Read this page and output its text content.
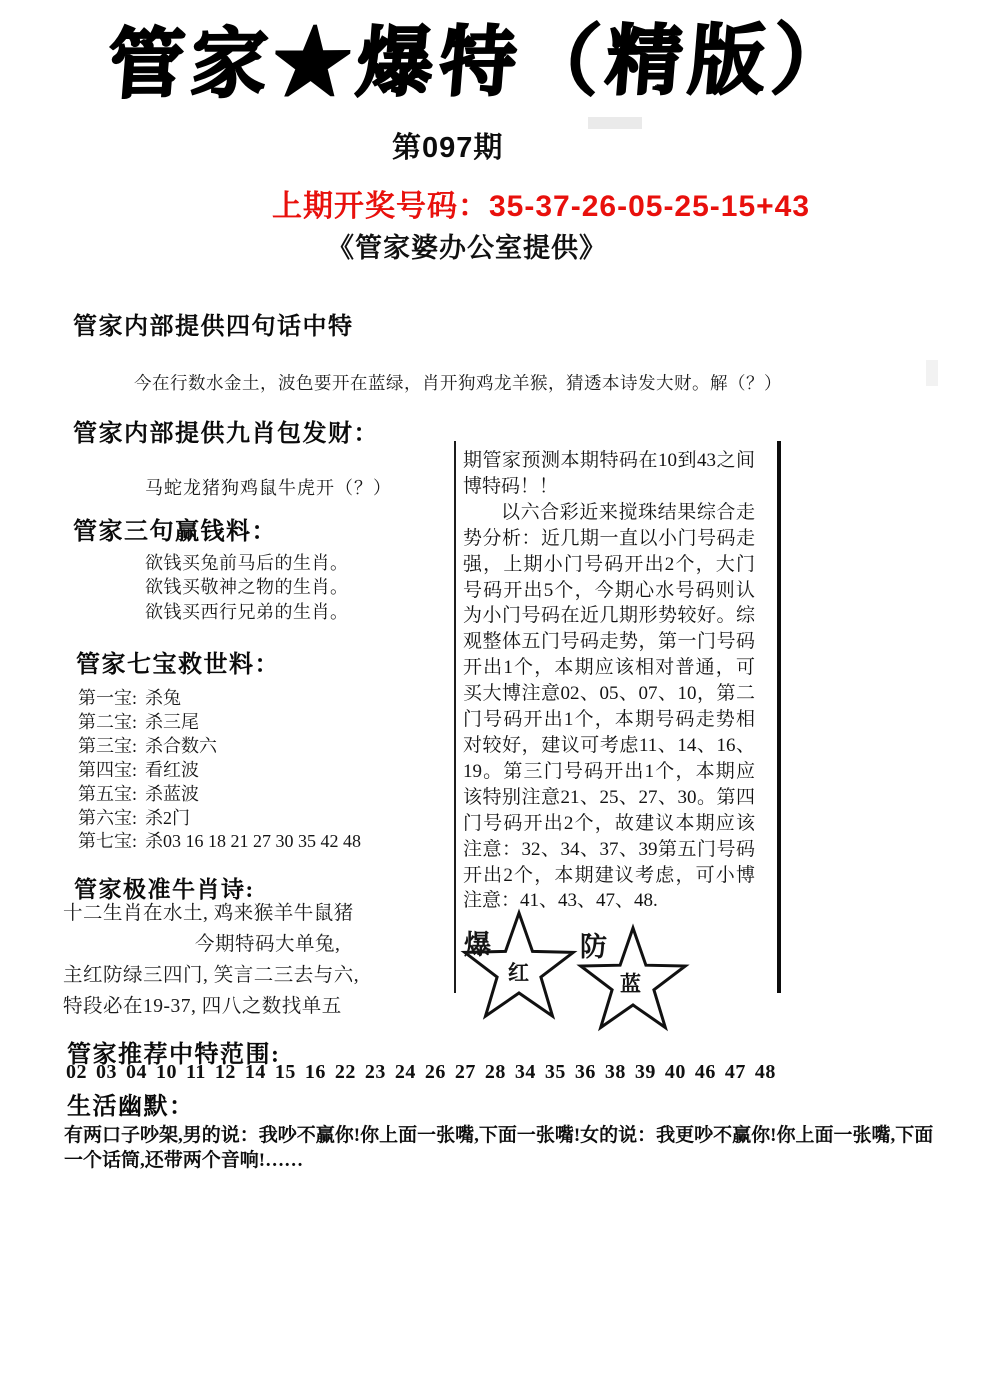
管家★爆特（精版）
第097期
上期开奖号码：35-37-26-05-25-15+43
《管家婆办公室提供》
管家内部提供四句话中特
今在行数水金土，波色要开在蓝绿，肖开狗鸡龙羊猴，猜透本诗发大财。解（？）
管家内部提供九肖包发财：
马蛇龙猪狗鸡鼠牛虎开（？）
管家三句赢钱料：
欲钱买兔前马后的生肖。
欲钱买敬神之物的生肖。
欲钱买西行兄弟的生肖。
管家七宝救世料：
第一宝: 杀兔
第二宝: 杀三尾
第三宝: 杀合数六
第四宝: 看红波
第五宝: 杀蓝波
第六宝: 杀2门
第七宝: 杀03 16 18 21 27 30 35 42 48
管家极准牛肖诗:
十二生肖在水土, 鸡来猴羊牛鼠猪
今期特码大单兔,
主红防绿三四门, 笑言二三去与六,
特段必在19-37, 四八之数找单五

期管家预测本期特码在10到43之间博特码！！

以六合彩近来搅珠结果综合走势分析：近几期一直以小门号码走强，上期小门号码开出2个，大门号码开出5个，今期心水号码则认为小门号码在近几期形势较好。综观整体五门号码走势，第一门号码开出1个，本期应该相对普通，可买大博注意02、05、07、10，第二门号码开出1个，本期号码走势相对较好，建议可考虑11、14、16、19。第三门号码开出1个，本期应该特别注意21、25、27、30。第四门号码开出2个，故建议本期应该注意：32、34、37、39第五门号码开出2个，本期建议考虑，可小博注意：41、43、47、48.

爆	防
红	蓝
管家推荐中特范围:
02 03 04 10 11 12 14 15 16 22 23 24 26 27 28 34 35 36 38 39 40 46 47 48
生活幽默：
有两口子吵架,男的说：我吵不赢你!你上面一张嘴,下面一张嘴!女的说：我更吵不赢你!你上面一张嘴,下面一个话筒,还带两个音响!……
